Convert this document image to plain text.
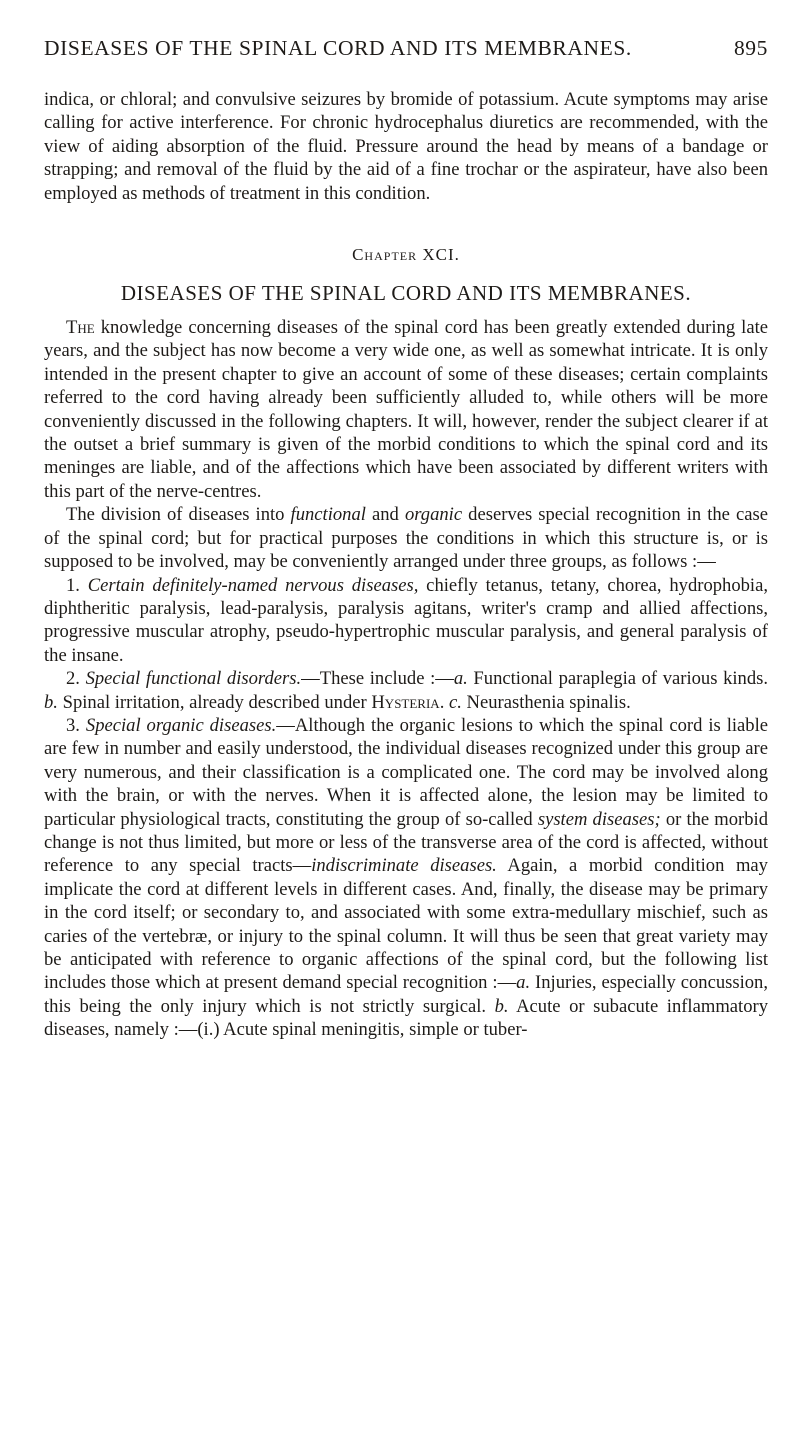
DISEASES OF THE SPINAL CORD AND ITS MEMBRANES.	895

indica, or chloral; and convulsive seizures by bromide of potassium. Acute symptoms may arise calling for active interference. For chronic hydrocephalus diuretics are recommended, with the view of aiding absorption of the fluid. Pressure around the head by means of a bandage or strapping; and removal of the fluid by the aid of a fine trochar or the aspirateur, have also been employed as methods of treatment in this condition.

Chapter XCI.
DISEASES OF THE SPINAL CORD AND ITS MEMBRANES.

The knowledge concerning diseases of the spinal cord has been greatly extended during late years, and the subject has now become a very wide one, as well as somewhat intricate. It is only intended in the present chapter to give an account of some of these diseases; certain complaints referred to the cord having already been sufficiently alluded to, while others will be more conveniently discussed in the following chapters. It will, however, render the subject clearer if at the outset a brief summary is given of the morbid conditions to which the spinal cord and its meninges are liable, and of the affections which have been associated by different writers with this part of the nerve-centres.

The division of diseases into functional and organic deserves special recognition in the case of the spinal cord; but for practical purposes the conditions in which this structure is, or is supposed to be involved, may be conveniently arranged under three groups, as follows :—

1. Certain definitely-named nervous diseases, chiefly tetanus, tetany, chorea, hydrophobia, diphtheritic paralysis, lead-paralysis, paralysis agitans, writer's cramp and allied affections, progressive muscular atrophy, pseudo-hypertrophic muscular paralysis, and general paralysis of the insane.

2. Special functional disorders.—These include :—a. Functional paraplegia of various kinds. b. Spinal irritation, already described under Hysteria. c. Neurasthenia spinalis.

3. Special organic diseases.—Although the organic lesions to which the spinal cord is liable are few in number and easily understood, the individual diseases recognized under this group are very numerous, and their classification is a complicated one. The cord may be involved along with the brain, or with the nerves. When it is affected alone, the lesion may be limited to particular physiological tracts, constituting the group of so-called system diseases; or the morbid change is not thus limited, but more or less of the transverse area of the cord is affected, without reference to any special tracts—indiscriminate diseases. Again, a morbid condition may implicate the cord at different levels in different cases. And, finally, the disease may be primary in the cord itself; or secondary to, and associated with some extra-medullary mischief, such as caries of the vertebræ, or injury to the spinal column. It will thus be seen that great variety may be anticipated with reference to organic affections of the spinal cord, but the following list includes those which at present demand special recognition :—a. Injuries, especially concussion, this being the only injury which is not strictly surgical. b. Acute or subacute inflammatory diseases, namely :—(i.) Acute spinal meningitis, simple or tuber-
